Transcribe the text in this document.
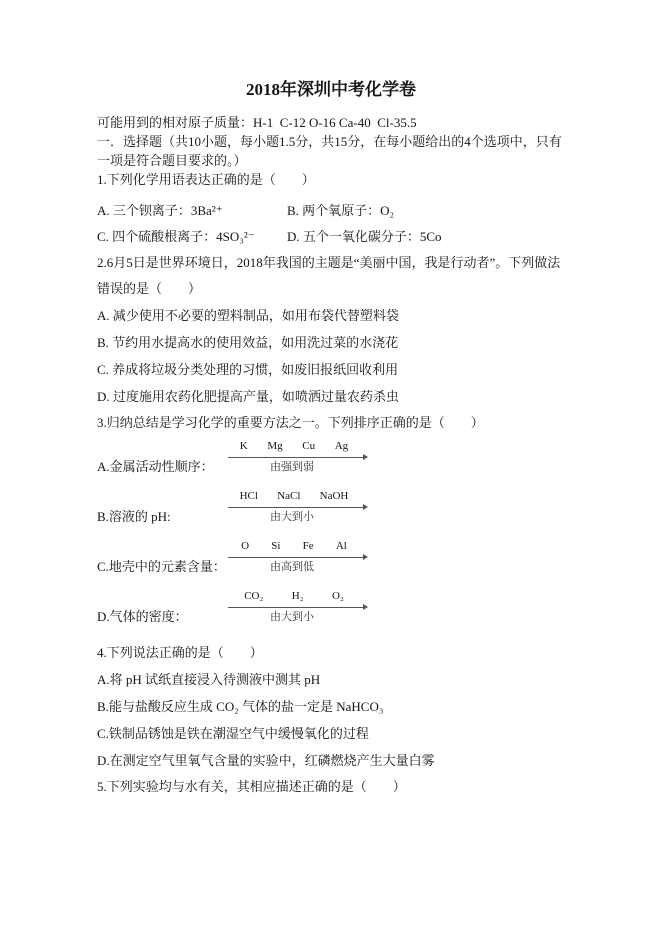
2018年深圳中考化学卷

可能用到的相对原子质量：H-1  C-12 O-16 Ca-40  Cl-35.5

一．选择题（共10小题，每小题1.5分，共15分，在每小题给出的4个选项中，只有一项是符合题目要求的。）

1.下列化学用语表达正确的是（　　）

A. 三个钡离子：3Ba²⁺	B. 两个氧原子：O₂
C. 四个硫酸根离子：4SO₃²⁻	D. 五个一氧化碳分子：5Co

2.6月5日是世界环境日，2018年我国的主题是“美丽中国，我是行动者”。下列做法错误的是（　　）

A. 减少使用不必要的塑料制品，如用布袋代替塑料袋

B. 节约用水提高水的使用效益，如用洗过菜的水浇花

C. 养成将垃圾分类处理的习惯，如废旧报纸回收利用

D. 过度施用农药化肥提高产量，如喷洒过量农药杀虫

3.归纳总结是学习化学的重要方法之一。下列排序正确的是（　　）

A.金属活动性顺序：
K Mg Cu Ag
由强到弱
B.溶液的 pH:
HCl NaCl NaOH
由大到小
C.地壳中的元素含量：
O Si Fe Al
由高到低
D.气体的密度：
CO₂	H₂	O₂
由大到小

4.下列说法正确的是（　　）

A.将 pH 试纸直接浸入待测液中测其 pH

B.能与盐酸反应生成 CO₂ 气体的盐一定是 NaHCO₃

C.铁制品锈蚀是铁在潮湿空气中缓慢氧化的过程

D.在测定空气里氧气含量的实验中，红磷燃烧产生大量白雾

5.下列实验均与水有关，其相应描述正确的是（　　）
